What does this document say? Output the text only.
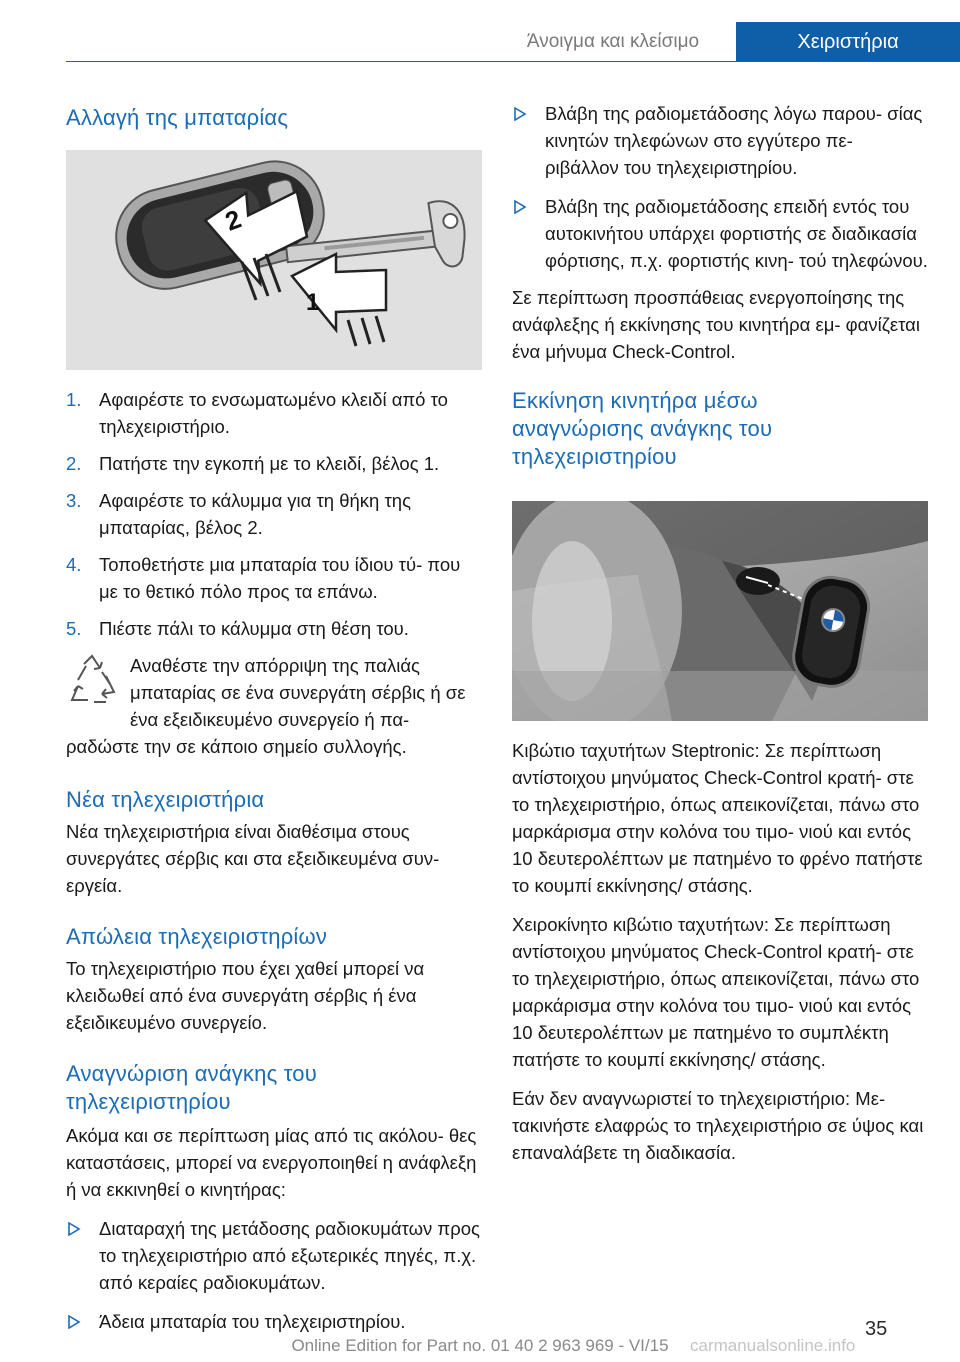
Άνοιγμα και κλείσιμο	Χειριστήρια
Αλλαγή της μπαταρίας
2
1
1. Αφαιρέστε το ενσωματωμένο κλειδί από το τηλεχειριστήριο.
2. Πατήστε την εγκοπή με το κλειδί, βέλος 1.
3. Αφαιρέστε το κάλυμμα για τη θήκη της μπαταρίας, βέλος 2.
4. Τοποθετήστε μια μπαταρία του ίδιου τύ‐ που με το θετικό πόλο προς τα επάνω.
5. Πιέστε πάλι το κάλυμμα στη θέση του.

Αναθέστε την απόρριψη της παλιάς μπαταρίας σε ένα συνεργάτη σέρβις ή σε ένα εξειδικευμένο συνεργείο ή πα‐ ραδώστε την σε κάποιο σημείο συλλογής.

Νέα τηλεχειριστήρια

Νέα τηλεχειριστήρια είναι διαθέσιμα στους συνεργάτες σέρβις και στα εξειδικευμένα συν‐ εργεία.

Απώλεια τηλεχειριστηρίων

Το τηλεχειριστήριο που έχει χαθεί μπορεί να κλειδωθεί από ένα συνεργάτη σέρβις ή ένα εξειδικευμένο συνεργείο.

Αναγνώριση ανάγκης του τηλεχειριστηρίου

Ακόμα και σε περίπτωση μίας από τις ακόλου‐ θες καταστάσεις, μπορεί να ενεργοποιηθεί η ανάφλεξη ή να εκκινηθεί ο κινητήρας:

Διαταραχή της μετάδοσης ραδιοκυμάτων προς το τηλεχειριστήριο από εξωτερικές πηγές, π.χ. από κεραίες ραδιοκυμάτων.
Άδεια μπαταρία του τηλεχειριστηρίου.
Βλάβη της ραδιομετάδοσης λόγω παρου‐ σίας κινητών τηλεφώνων στο εγγύτερο πε‐ ριβάλλον του τηλεχειριστηρίου.
Βλάβη της ραδιομετάδοσης επειδή εντός του αυτοκινήτου υπάρχει φορτιστής σε διαδικασία φόρτισης, π.χ. φορτιστής κινη‐ τού τηλεφώνου.

Σε περίπτωση προσπάθειας ενεργοποίησης της ανάφλεξης ή εκκίνησης του κινητήρα εμ‐ φανίζεται ένα μήνυμα Check-Control.

Εκκίνηση κινητήρα μέσω αναγνώρισης ανάγκης του τηλεχειριστηρίου

Κιβώτιο ταχυτήτων Steptronic: Σε περίπτωση αντίστοιχου μηνύματος Check-Control κρατή‐ στε το τηλεχειριστήριο, όπως απεικονίζεται, πάνω στο μαρκάρισμα στην κολόνα του τιμο‐ νιού και εντός 10 δευτερολέπτων με πατημένο το φρένο πατήστε το κουμπί εκκίνησης/ στάσης.

Χειροκίνητο κιβώτιο ταχυτήτων: Σε περίπτωση αντίστοιχου μηνύματος Check-Control κρατή‐ στε το τηλεχειριστήριο, όπως απεικονίζεται, πάνω στο μαρκάρισμα στην κολόνα του τιμο‐ νιού και εντός 10 δευτερολέπτων με πατημένο το συμπλέκτη πατήστε το κουμπί εκκίνησης/ στάσης.

Εάν δεν αναγνωριστεί το τηλεχειριστήριο: Με‐ τακινήστε ελαφρώς το τηλεχειριστήριο σε ύψος και επαναλάβετε τη διαδικασία.

35
Online Edition for Part no. 01 40 2 963 969 - VI/15	carmanualsonline.info
